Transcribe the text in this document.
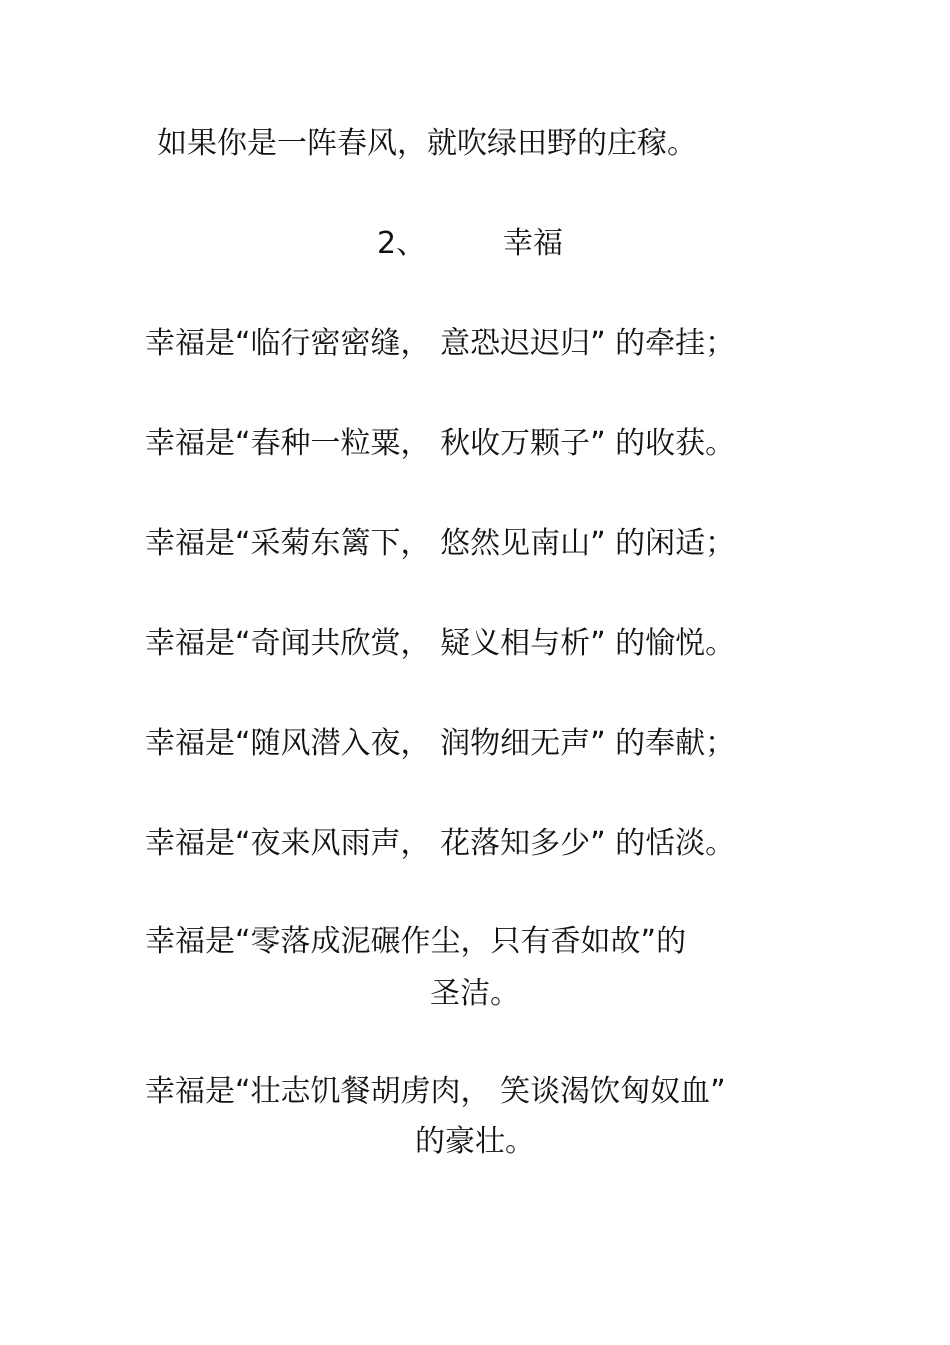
如果你是一阵春风，就吹绿田野的庄稼。
2、	幸福
幸福是“临行密密缝， 意恐迟迟归” 的牵挂；
幸福是“春种一粒粟， 秋收万颗子” 的收获。
幸福是“采菊东篱下， 悠然见南山” 的闲适；
幸福是“奇闻共欣赏， 疑义相与析” 的愉悦。
幸福是“随风潜入夜， 润物细无声” 的奉献；
幸福是“夜来风雨声， 花落知多少” 的恬淡。
幸福是“零落成泥碾作尘，只有香如故”的
圣洁。
幸福是“壮志饥餐胡虏肉， 笑谈渴饮匈奴血”
的豪壮。
